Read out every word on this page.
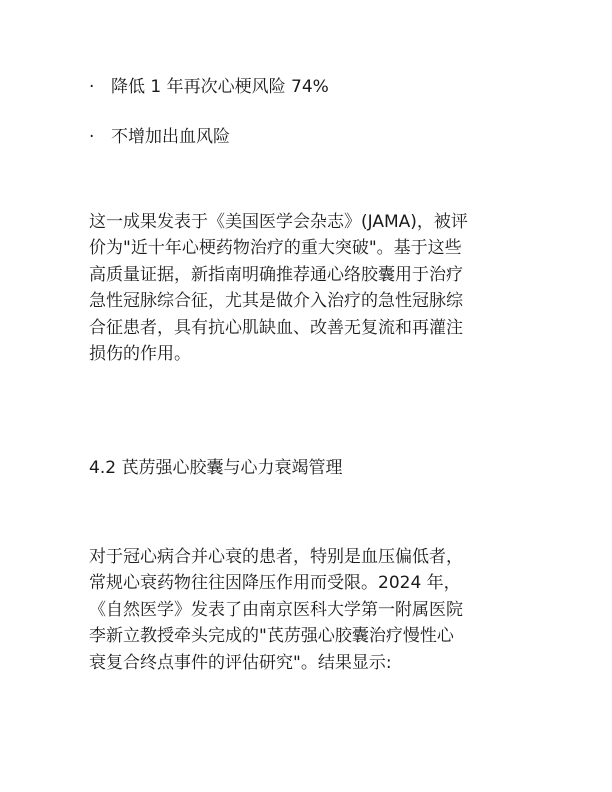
· 降低 1 年再次心梗风险 74%
· 不增加出血风险

这一成果发表于《美国医学会杂志》(JAMA)，被评
价为"近十年心梗药物治疗的重大突破"。基于这些
高质量证据，新指南明确推荐通心络胶囊用于治疗
急性冠脉综合征，尤其是做介入治疗的急性冠脉综
合征患者，具有抗心肌缺血、改善无复流和再灌注
损伤的作用。

4.2 芪苈强心胶囊与心力衰竭管理

对于冠心病合并心衰的患者，特别是血压偏低者，
常规心衰药物往往因降压作用而受限。2024 年，
《自然医学》发表了由南京医科大学第一附属医院
李新立教授牵头完成的"芪苈强心胶囊治疗慢性心
衰复合终点事件的评估研究"。结果显示:
